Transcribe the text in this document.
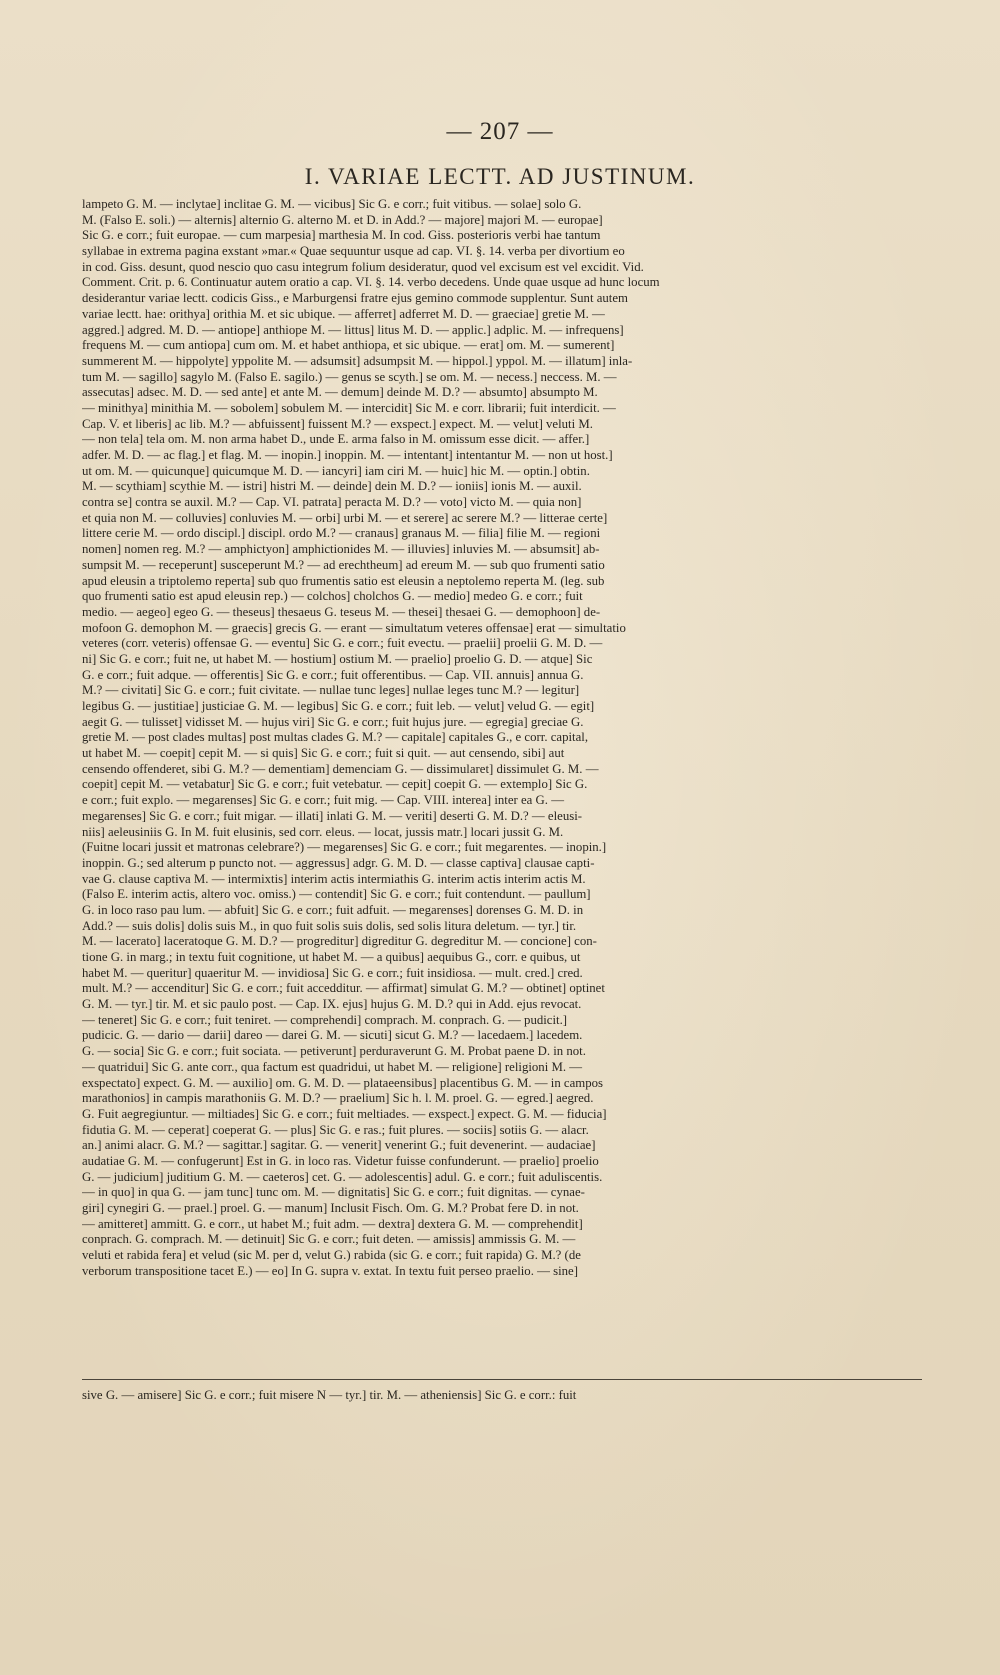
— 207 —
I. VARIAE LECTT. AD JUSTINUM.
lampeto G. M. — inclytae] inclitae G. M. — vicibus] Sic G. e corr.; fuit vitibus. — solae] solo G.
M. (Falso E. soli.) — alternis] alternio G. alterno M. et D. in Add.? — majore] majori M. — europae]
Sic G. e corr.; fuit europae. — cum marpesia] marthesia M. In cod. Giss. posterioris verbi hae tantum
syllabae in extrema pagina exstant »mar.« Quae sequuntur usque ad cap. VI. §. 14. verba per divortium eo
in cod. Giss. desunt, quod nescio quo casu integrum folium desideratur, quod vel excisum est vel excidit. Vid.
Comment. Crit. p. 6. Continuatur autem oratio a cap. VI. §. 14. verbo decedens. Unde quae usque ad hunc locum
desiderantur variae lectt. codicis Giss., e Marburgensi fratre ejus gemino commode supplentur. Sunt autem
variae lectt. hae: orithya] orithia M. et sic ubique. — afferret] adferret M. D. — graeciae] gretie M. —
aggred.] adgred. M. D. — antiope] anthiope M. — littus] litus M. D. — applic.] adplic. M. — infrequens]
frequens M. — cum antiopa] cum om. M. et habet anthiopa, et sic ubique. — erat] om. M. — sumerent]
summerent M. — hippolyte] yppolite M. — adsumsit] adsumpsit M. — hippol.] yppol. M. — illatum] inla-
tum M. — sagillo] sagylo M. (Falso E. sagilo.) — genus se scyth.] se om. M. — necess.] neccess. M. —
assecutas] adsec. M. D. — sed ante] et ante M. — demum] deinde M. D.? — absumto] absumpto M.
— minithya] minithia M. — sobolem] sobulem M. — intercidit] Sic M. e corr. librarii; fuit interdicit. —
Cap. V. et liberis] ac lib. M.? — abfuissent] fuissent M.? — exspect.] expect. M. — velut] veluti M.
— non tela] tela om. M. non arma habet D., unde E. arma falso in M. omissum esse dicit. — affer.]
adfer. M. D. — ac flag.] et flag. M. — inopin.] inoppin. M. — intentant] intentantur M. — non ut host.]
ut om. M. — quicunque] quicumque M. D. — iancyri] iam ciri M. — huic] hic M. — optin.] obtin.
M. — scythiam] scythie M. — istri] histri M. — deinde] dein M. D.? — ioniis] ionis M. — auxil.
contra se] contra se auxil. M.? — Cap. VI. patrata] peracta M. D.? — voto] victo M. — quia non]
et quia non M. — colluvies] conluvies M. — orbi] urbi M. — et serere] ac serere M.? — litterae certe]
littere cerie M. — ordo discipl.] discipl. ordo M.? — cranaus] granaus M. — filia] filie M. — regioni
nomen] nomen reg. M.? — amphictyon] amphictionides M. — illuvies] inluvies M. — absumsit] ab-
sumpsit M. — receperunt] susceperunt M.? — ad erechtheum] ad ereum M. — sub quo frumenti satio
apud eleusin a triptolemo reperta] sub quo frumentis satio est eleusin a neptolemo reperta M. (leg. sub
quo frumenti satio est apud eleusin rep.) — colchos] cholchos G. — medio] medeo G. e corr.; fuit
medio. — aegeo] egeo G. — theseus] thesaeus G. teseus M. — thesei] thesaei G. — demophoon] de-
mofoon G. demophon M. — graecis] grecis G. — erant — simultatum veteres offensae] erat — simultatio
veteres (corr. veteris) offensae G. — eventu] Sic G. e corr.; fuit evectu. — praelii] proelii G. M. D. —
ni] Sic G. e corr.; fuit ne, ut habet M. — hostium] ostium M. — praelio] proelio G. D. — atque] Sic
G. e corr.; fuit adque. — offerentis] Sic G. e corr.; fuit offerentibus. — Cap. VII. annuis] annua G.
M.? — civitati] Sic G. e corr.; fuit civitate. — nullae tunc leges] nullae leges tunc M.? — legitur]
legibus G. — justitiae] justiciae G. M. — legibus] Sic G. e corr.; fuit leb. — velut] velud G. — egit]
aegit G. — tulisset] vidisset M. — hujus viri] Sic G. e corr.; fuit hujus jure. — egregia] greciae G.
gretie M. — post clades multas] post multas clades G. M.? — capitale] capitales G., e corr. capital,
ut habet M. — coepit] cepit M. — si quis] Sic G. e corr.; fuit si quit. — aut censendo, sibi] aut
censendo offenderet, sibi G. M.? — dementiam] demenciam G. — dissimularet] dissimulet G. M. —
coepit] cepit M. — vetabatur] Sic G. e corr.; fuit vetebatur. — cepit] coepit G. — extemplo] Sic G.
e corr.; fuit explo. — megarenses] Sic G. e corr.; fuit mig. — Cap. VIII. interea] inter ea G. —
megarenses] Sic G. e corr.; fuit migar. — illati] inlati G. M. — veriti] deserti G. M. D.? — eleusi-
niis] aeleusiniis G. In M. fuit elusinis, sed corr. eleus. — locat, jussis matr.] locari jussit G. M.
(Fuitne locari jussit et matronas celebrare?) — megarenses] Sic G. e corr.; fuit megarentes. — inopin.]
inoppin. G.; sed alterum p puncto not. — aggressus] adgr. G. M. D. — classe captiva] clausae capti-
vae G. clause captiva M. — intermixtis] interim actis intermiathis G. interim actis interim actis M.
(Falso E. interim actis, altero voc. omiss.) — contendit] Sic G. e corr.; fuit contendunt. — paullum]
G. in loco raso pau lum. — abfuit] Sic G. e corr.; fuit adfuit. — megarenses] dorenses G. M. D. in
Add.? — suis dolis] dolis suis M., in quo fuit solis suis dolis, sed solis litura deletum. — tyr.] tir.
M. — lacerato] laceratoque G. M. D.? — progreditur] digreditur G. degreditur M. — concione] con-
tione G. in marg.; in textu fuit cognitione, ut habet M. — a quibus] aequibus G., corr. e quibus, ut
habet M. — queritur] quaeritur M. — invidiosa] Sic G. e corr.; fuit insidiosa. — mult. cred.] cred.
mult. M.? — accenditur] Sic G. e corr.; fuit accedditur. — affirmat] simulat G. M.? — obtinet] optinet
G. M. — tyr.] tir. M. et sic paulo post. — Cap. IX. ejus] hujus G. M. D.? qui in Add. ejus revocat.
— teneret] Sic G. e corr.; fuit teniret. — comprehendi] comprach. M. conprach. G. — pudicit.]
pudicic. G. — dario — darii] dareo — darei G. M. — sicuti] sicut G. M.? — lacedaem.] lacedem.
G. — socia] Sic G. e corr.; fuit sociata. — petiverunt] perduraverunt G. M. Probat paene D. in not.
— quatridui] Sic G. ante corr., qua factum est quadridui, ut habet M. — religione] religioni M. —
exspectato] expect. G. M. — auxilio] om. G. M. D. — plataeensibus] placentibus G. M. — in campos
marathonios] in campis marathoniis G. M. D.? — praelium] Sic h. l. M. proel. G. — egred.] aegred.
G. Fuit aegregiuntur. — miltiades] Sic G. e corr.; fuit meltiades. — exspect.] expect. G. M. — fiducia]
fidutia G. M. — ceperat] coeperat G. — plus] Sic G. e ras.; fuit plures. — sociis] sotiis G. — alacr.
an.] animi alacr. G. M.? — sagittar.] sagitar. G. — venerit] venerint G.; fuit devenerint. — audaciae]
audatiae G. M. — confugerunt] Est in G. in loco ras. Videtur fuisse confunderunt. — praelio] proelio
G. — judicium] juditium G. M. — caeteros] cet. G. — adolescentis] adul. G. e corr.; fuit aduliscentis.
— in quo] in qua G. — jam tunc] tunc om. M. — dignitatis] Sic G. e corr.; fuit dignitas. — cynae-
giri] cynegiri G. — prael.] proel. G. — manum] Inclusit Fisch. Om. G. M.? Probat fere D. in not.
— amitteret] ammitt. G. e corr., ut habet M.; fuit adm. — dextra] dextera G. M. — comprehendit]
conprach. G. comprach. M. — detinuit] Sic G. e corr.; fuit deten. — amissis] ammissis G. M. —
veluti et rabida fera] et velud (sic M. per d, velut G.) rabida (sic G. e corr.; fuit rapida) G. M.? (de
verborum transpositione tacet E.) — eo] In G. supra v. extat. In textu fuit perseo praelio. — sine]
sive G. — amisere] Sic G. e corr.; fuit miserе N — tyr.] tir. M. — atheniensis] Sic G. e corr.: fuit
